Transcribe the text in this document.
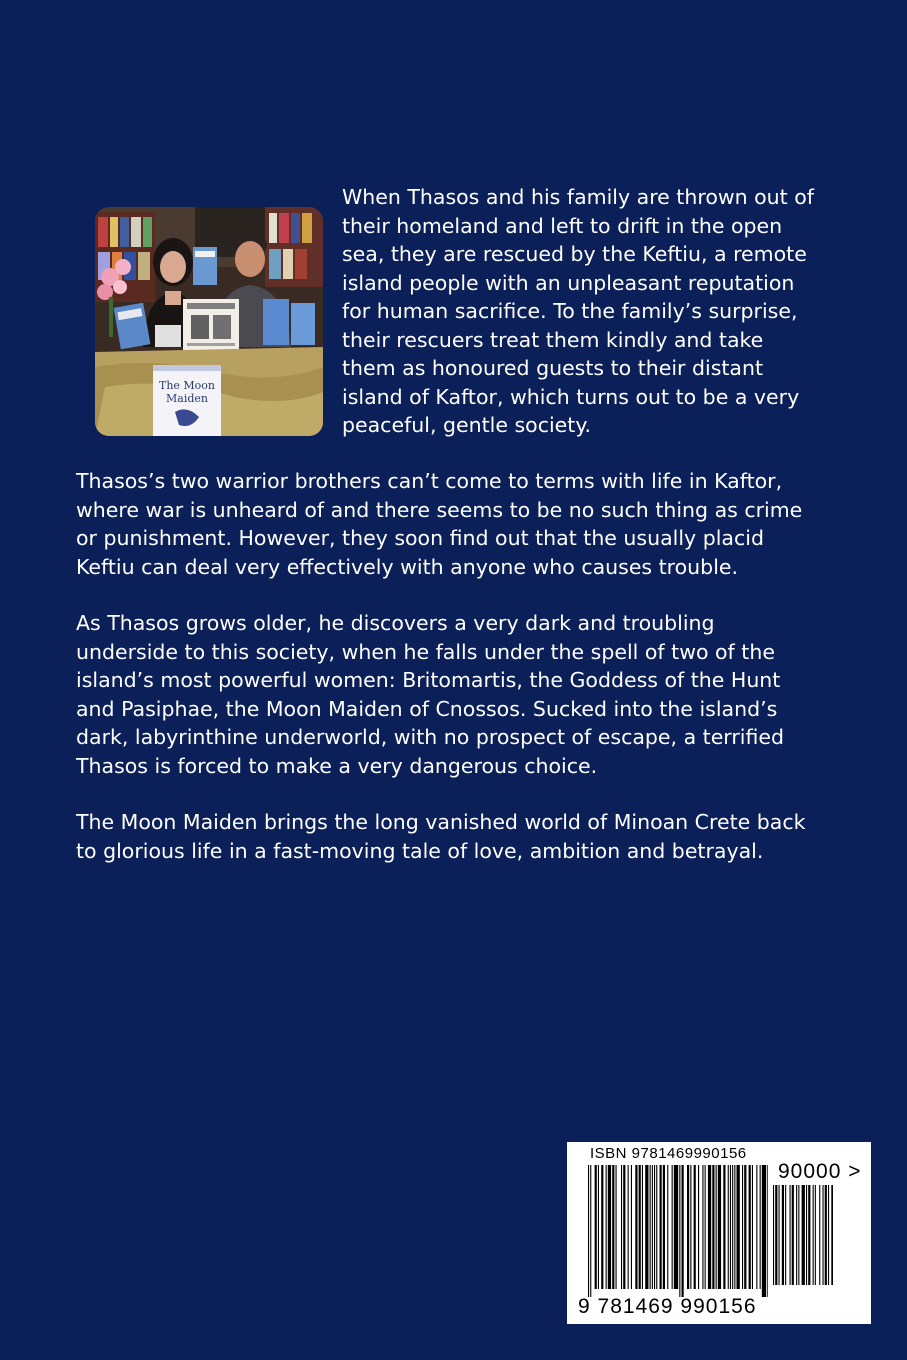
The Moon
Maiden

When Thasos and his family are thrown out of
their homeland and left to drift in the open
sea, they are rescued by the Keftiu, a remote
island people with an unpleasant reputation
for human sacrifice. To the family’s surprise,
their rescuers treat them kindly and take
them as honoured guests to their distant
island of Kaftor, which turns out to be a very
peaceful, gentle society.

Thasos’s two warrior brothers can’t come to terms with life in Kaftor,
where war is unheard of and there seems to be no such thing as crime
or punishment. However, they soon find out that the usually placid
Keftiu can deal very effectively with anyone who causes trouble.

As Thasos grows older, he discovers a very dark and troubling
underside to this society, when he falls under the spell of two of the
island’s most powerful women: Britomartis, the Goddess of the Hunt
and Pasiphae, the Moon Maiden of Cnossos. Sucked into the island’s
dark, labyrinthine underworld, with no prospect of escape, a terrified
Thasos is forced to make a very dangerous choice.

The Moon Maiden brings the long vanished world of Minoan Crete back
to glorious life in a fast-moving tale of love, ambition and betrayal.

ISBN 9781469990156
90000 >
9 781469 990156
